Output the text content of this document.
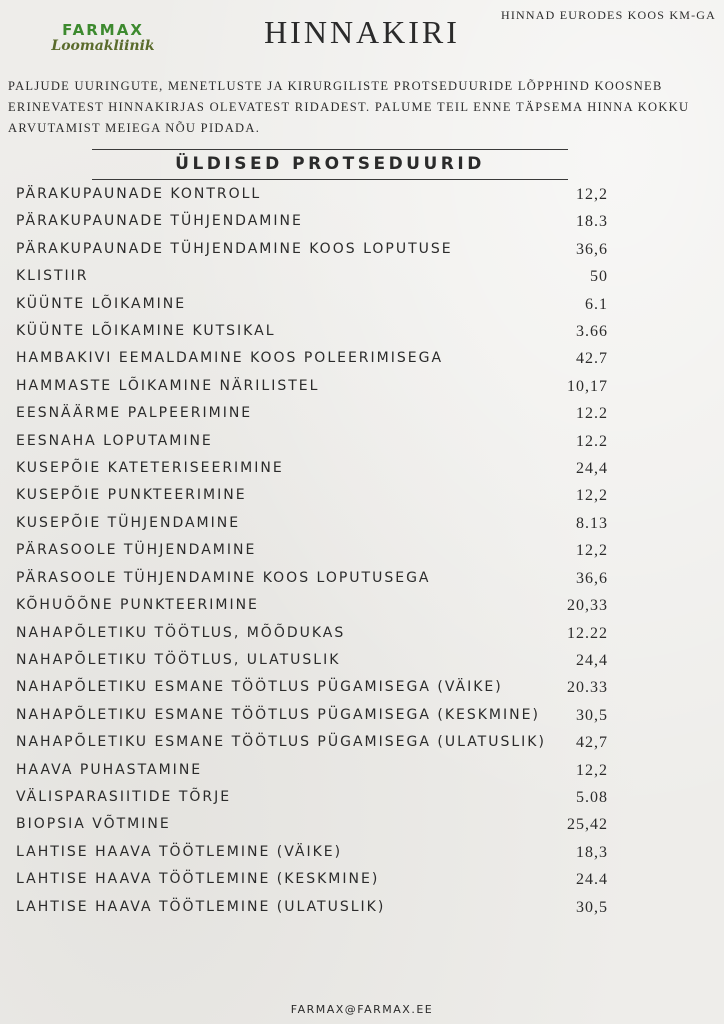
FARMAX
Loomakliinik	HINNAKIRI	HINNAD EURODES KOOS KM-GA
PALJUDE UURINGUTE, MENETLUSTE JA KIRURGILISTE PROTSEDUURIDE LÕPPHIND KOOSNEB ERINEVATEST HINNAKIRJAS OLEVATEST RIDADEST. PALUME TEIL ENNE TÄPSEMA HINNA KOKKU ARVUTAMIST MEIEGA NÕU PIDADA.
ÜLDISED PROTSEDUURID
PÄRAKUPAUNADE KONTROLL	12,2
PÄRAKUPAUNADE TÜHJENDAMINE	18.3
PÄRAKUPAUNADE TÜHJENDAMINE KOOS LOPUTUSE	36,6
KLISTIIR	50
KÜÜNTE LÕIKAMINE	6.1
KÜÜNTE LÕIKAMINE KUTSIKAL	3.66
HAMBAKIVI EEMALDAMINE KOOS POLEERIMISEGA	42.7
HAMMASTE LÕIKAMINE NÄRILISTEL	10,17
EESNÄÄRME PALPEERIMINE	12.2
EESNAHA LOPUTAMINE	12.2
KUSEPÕIE KATETERISEERIMINE	24,4
KUSEPÕIE PUNKTEERIMINE	12,2
KUSEPÕIE TÜHJENDAMINE	8.13
PÄRASOOLE TÜHJENDAMINE	12,2
PÄRASOOLE TÜHJENDAMINE KOOS LOPUTUSEGA	36,6
KÕHUÕÕNE PUNKTEERIMINE	20,33
NAHAPÕLETIKU TÖÖTLUS, MÕÕDUKAS	12.22
NAHAPÕLETIKU TÖÖTLUS, ULATUSLIK	24,4
NAHAPÕLETIKU ESMANE TÖÖTLUS PÜGAMISEGA (VÄIKE)	20.33
NAHAPÕLETIKU ESMANE TÖÖTLUS PÜGAMISEGA (KESKMINE)	30,5
NAHAPÕLETIKU ESMANE TÖÖTLUS PÜGAMISEGA (ULATUSLIK) 42,7
HAAVA PUHASTAMINE	12,2
VÄLISPARASIITIDE TÕRJE	5.08
BIOPSIA VÕTMINE	25,42
LAHTISE HAAVA TÖÖTLEMINE (VÄIKE)	18,3
LAHTISE HAAVA TÖÖTLEMINE (KESKMINE)	24.4
LAHTISE HAAVA TÖÖTLEMINE (ULATUSLIK)	30,5
FARMAX@FARMAX.EE
